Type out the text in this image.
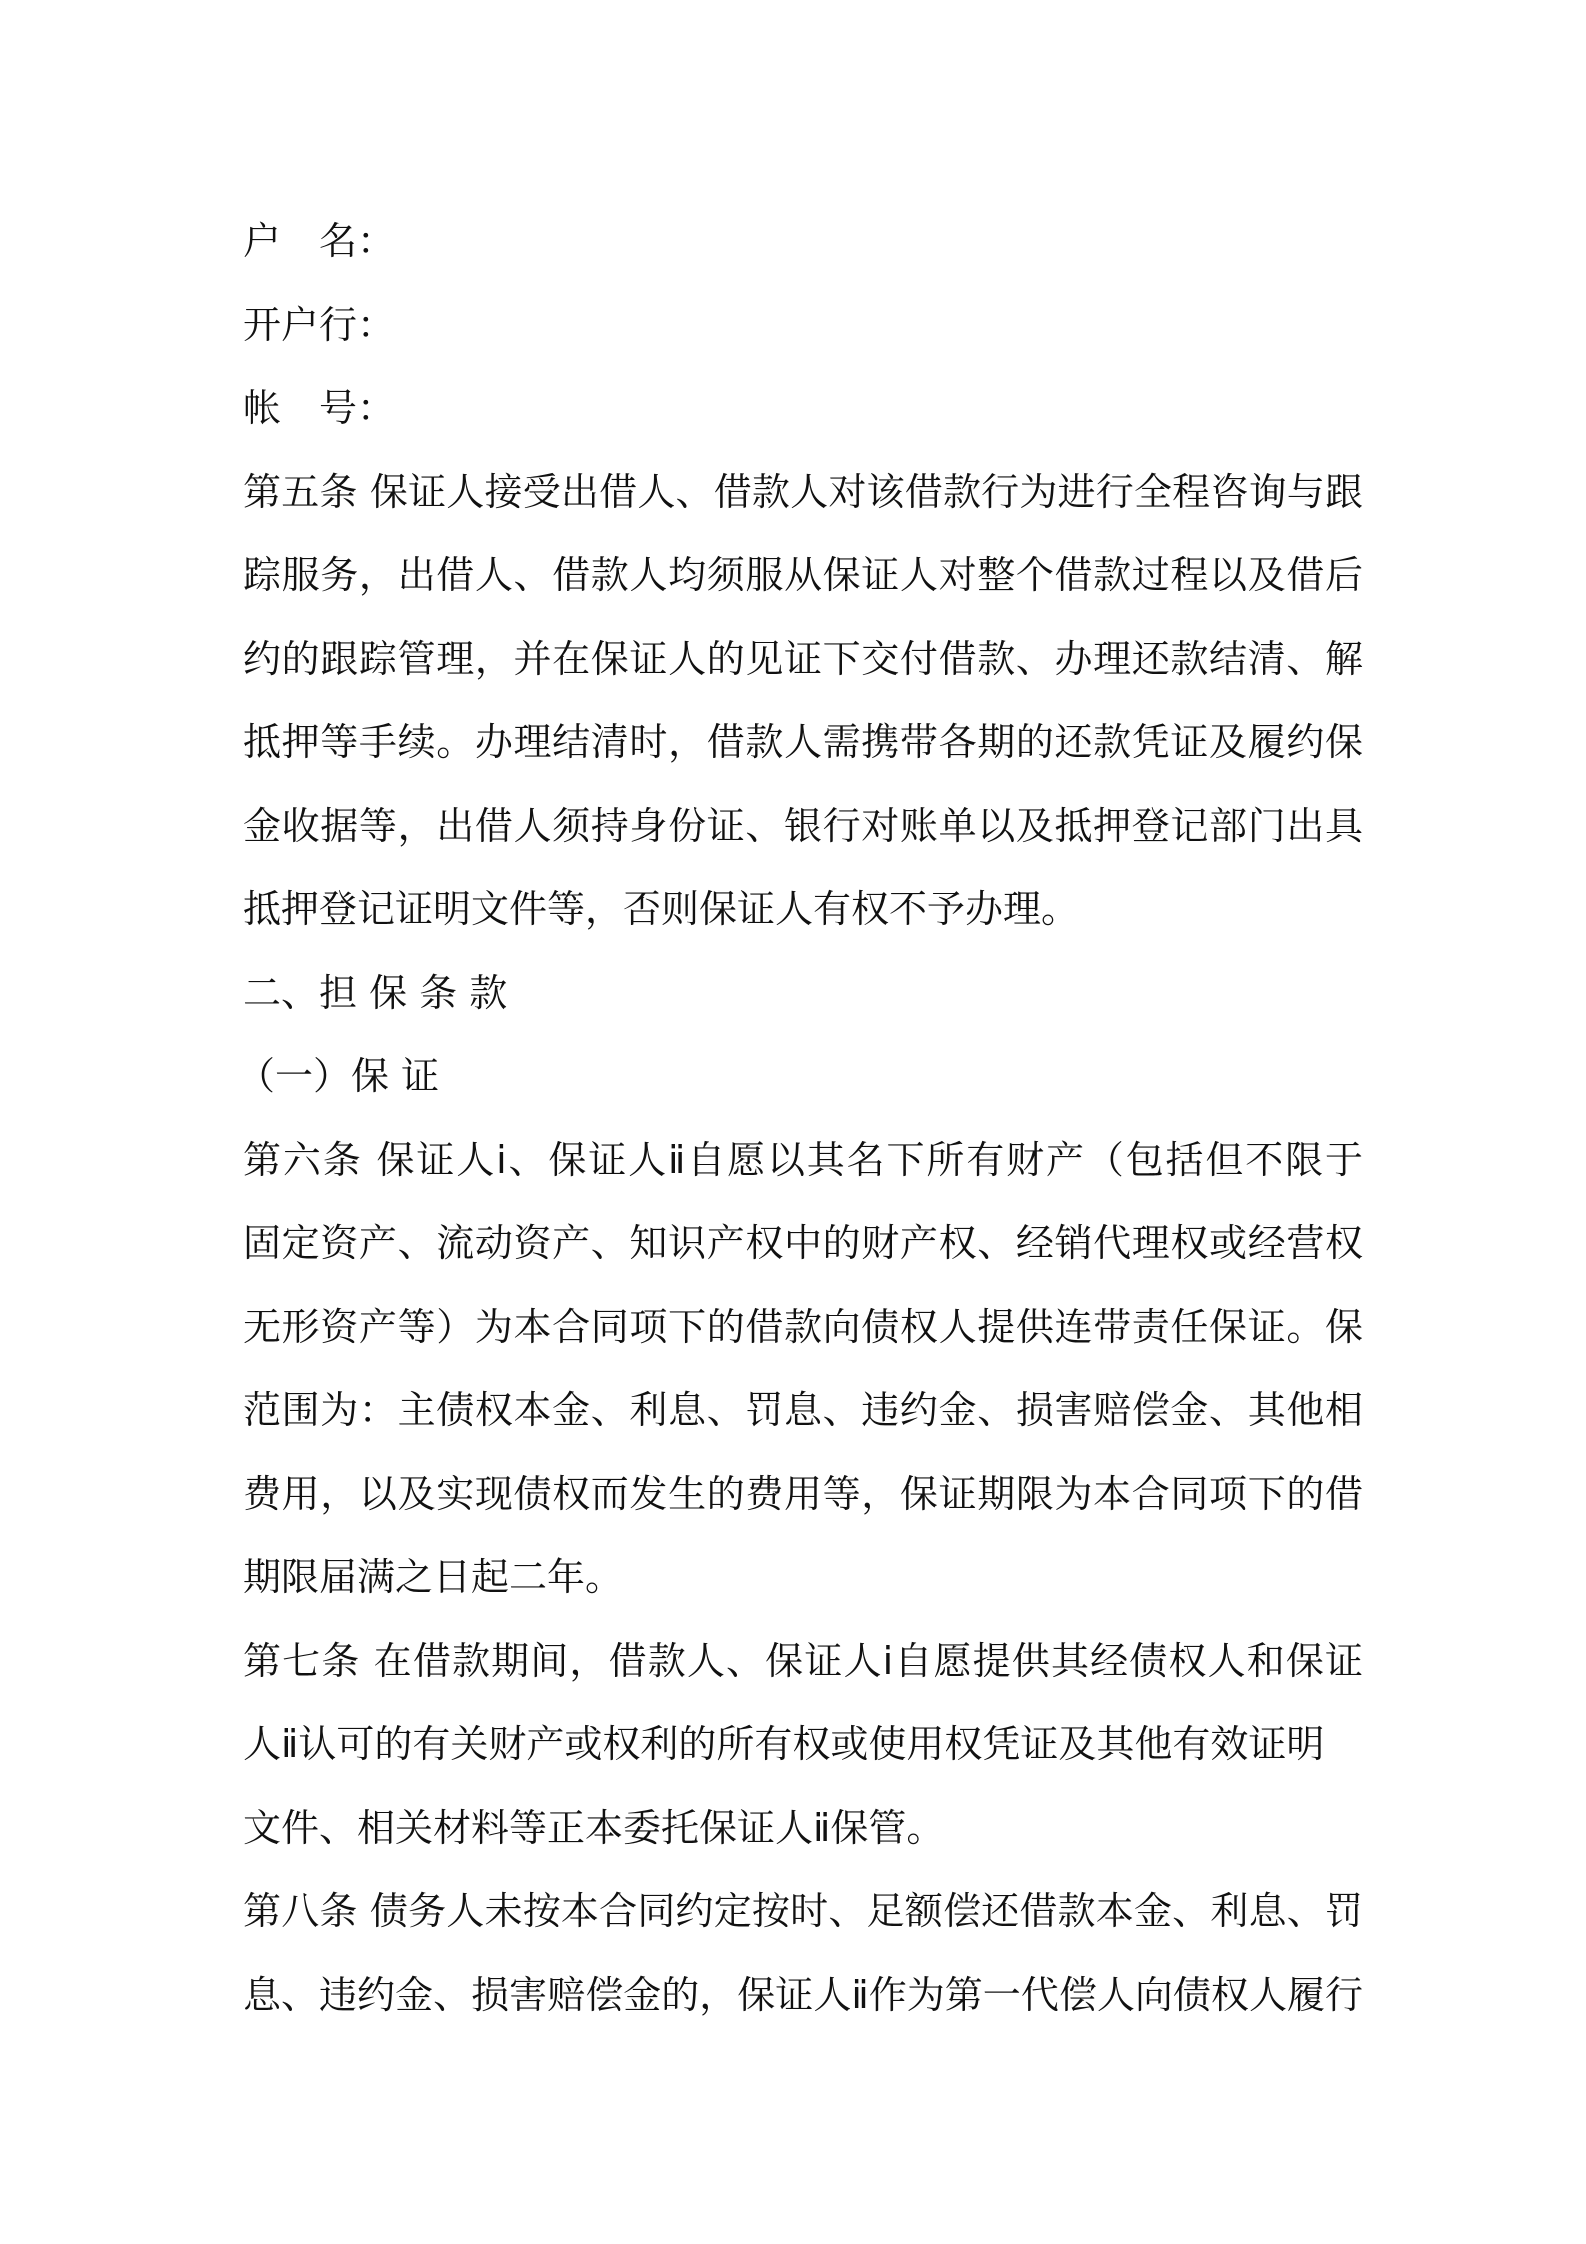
户　名：
开户行：
帐　号：
第五条 保证人接受出借人、借款人对该借款行为进行全程咨询与跟
踪服务，出借人、借款人均须服从保证人对整个借款过程以及借后
约的跟踪管理，并在保证人的见证下交付借款、办理还款结清、解
抵押等手续。办理结清时，借款人需携带各期的还款凭证及履约保
金收据等，出借人须持身份证、银行对账单以及抵押登记部门出具
抵押登记证明文件等，否则保证人有权不予办理。
二、担 保 条 款
（一）保 证
第六条 保证人ⅰ、保证人ⅱ自愿以其名下所有财产（包括但不限于
固定资产、流动资产、知识产权中的财产权、经销代理权或经营权
无形资产等）为本合同项下的借款向债权人提供连带责任保证。保
范围为：主债权本金、利息、罚息、违约金、损害赔偿金、其他相
费用，以及实现债权而发生的费用等，保证期限为本合同项下的借
期限届满之日起二年。
第七条 在借款期间，借款人、保证人ⅰ自愿提供其经债权人和保证
人ⅱ认可的有关财产或权利的所有权或使用权凭证及其他有效证明
文件、相关材料等正本委托保证人ⅱ保管。
第八条 债务人未按本合同约定按时、足额偿还借款本金、利息、罚
息、违约金、损害赔偿金的，保证人ⅱ作为第一代偿人向债权人履行
